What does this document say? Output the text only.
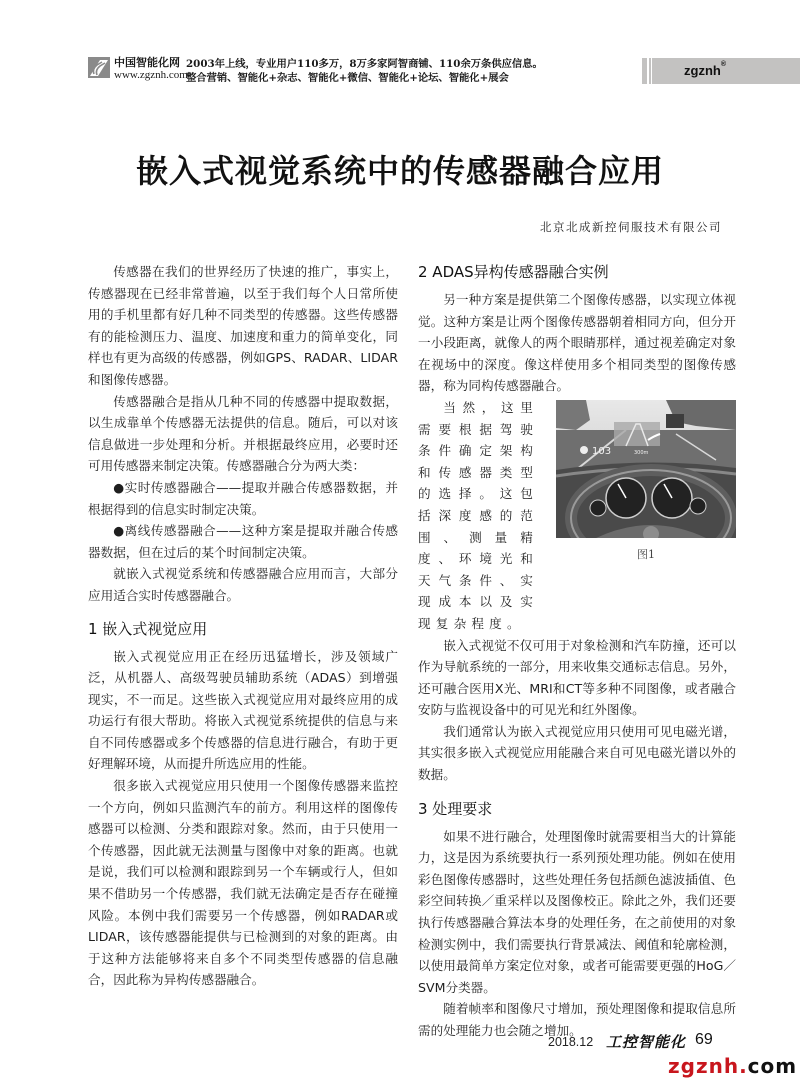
中国智能化网
www.zgznh.com
2003年上线，专业用户110多万，8万多家阿智商铺、110余万条供应信息。
整合营销、智能化+杂志、智能化+微信、智能化+论坛、智能化+展会	zgznh®
嵌入式视觉系统中的传感器融合应用
北京北成新控伺服技术有限公司

传感器在我们的世界经历了快速的推广，事实上，传感器现在已经非常普遍，以至于我们每个人日常所使用的手机里都有好几种不同类型的传感器。这些传感器有的能检测压力、温度、加速度和重力的简单变化，同样也有更为高级的传感器，例如GPS、RADAR、LIDAR和图像传感器。

传感器融合是指从几种不同的传感器中提取数据，以生成靠单个传感器无法提供的信息。随后，可以对该信息做进一步处理和分析。并根据最终应用，必要时还可用传感器来制定决策。传感器融合分为两大类：

●实时传感器融合——提取并融合传感器数据，并根据得到的信息实时制定决策。

●离线传感器融合——这种方案是提取并融合传感器数据，但在过后的某个时间制定决策。

就嵌入式视觉系统和传感器融合应用而言，大部分应用适合实时传感器融合。

1 嵌入式视觉应用

嵌入式视觉应用正在经历迅猛增长，涉及领域广泛，从机器人、高级驾驶员辅助系统（ADAS）到增强现实，不一而足。这些嵌入式视觉应用对最终应用的成功运行有很大帮助。将嵌入式视觉系统提供的信息与来自不同传感器或多个传感器的信息进行融合，有助于更好理解环境，从而提升所选应用的性能。

很多嵌入式视觉应用只使用一个图像传感器来监控一个方向，例如只监测汽车的前方。利用这样的图像传感器可以检测、分类和跟踪对象。然而，由于只使用一个传感器，因此就无法测量与图像中对象的距离。也就是说，我们可以检测和跟踪到另一个车辆或行人，但如果不借助另一个传感器，我们就无法确定是否存在碰撞风险。本例中我们需要另一个传感器，例如RADAR或LIDAR，该传感器能提供与已检测到的对象的距离。由于这种方法能够将来自多个不同类型传感器的信息融合，因此称为异构传感器融合。

2 ADAS异构传感器融合实例

另一种方案是提供第二个图像传感器，以实现立体视觉。这种方案是让两个图像传感器朝着相同方向，但分开一小段距离，就像人的两个眼睛那样，通过视差确定对象在视场中的深度。像这样使用多个相同类型的图像传感器，称为同构传感器融合。

103	300m
图1

当然，这里需要根据驾驶条件确定架构和传感器类型的选择。这包括深度感的范围、测量精度、环境光和天气条件、实现成本以及实现复杂程度。

嵌入式视觉不仅可用于对象检测和汽车防撞，还可以作为导航系统的一部分，用来收集交通标志信息。另外，还可融合医用X光、MRI和CT等多种不同图像，或者融合安防与监视设备中的可见光和红外图像。

我们通常认为嵌入式视觉应用只使用可见电磁光谱，其实很多嵌入式视觉应用能融合来自可见电磁光谱以外的数据。

3 处理要求

如果不进行融合，处理图像时就需要相当大的计算能力，这是因为系统要执行一系列预处理功能。例如在使用彩色图像传感器时，这些处理任务包括颜色滤波插值、色彩空间转换／重采样以及图像校正。除此之外，我们还要执行传感器融合算法本身的处理任务，在之前使用的对象检测实例中，我们需要执行背景减法、阈值和轮廓检测，以使用最简单方案定位对象，或者可能需要更强的HoG／SVM分类器。

随着帧率和图像尺寸增加，预处理图像和提取信息所需的处理能力也会随之增加。

2018.12 工控智能化 69
zgznh.com
